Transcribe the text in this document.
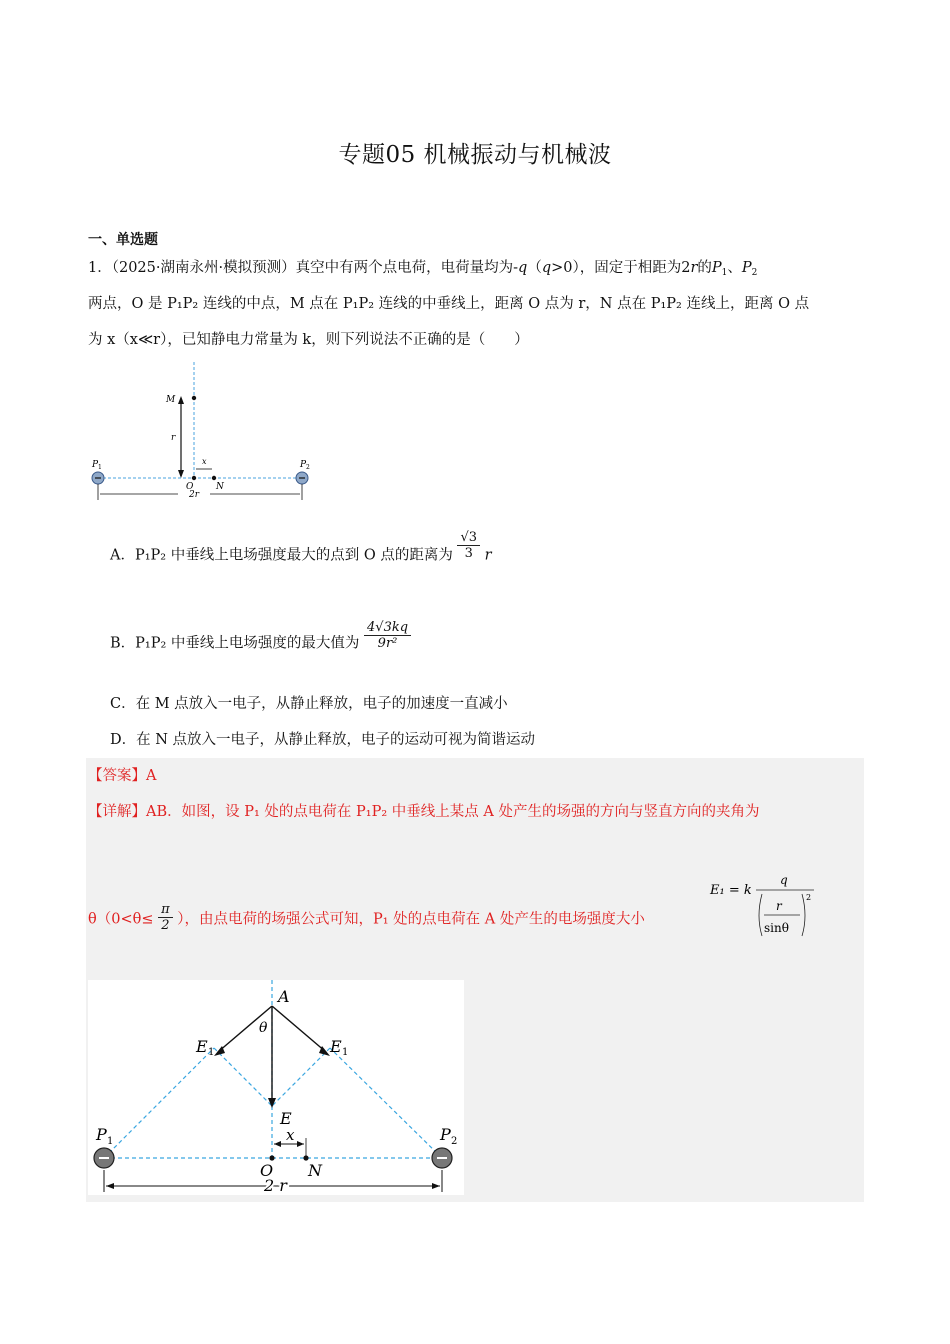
专题05 机械振动与机械波
一、单选题
1．（2025·湖南永州·模拟预测）真空中有两个点电荷，电荷量均为-q（q>0），固定于相距为2r的$P_1$、$P_2$
两点，O 是 P₁P₂ 连线的中点，M 点在 P₁P₂ 连线的中垂线上，距离 O 点为 r，N 点在 P₁P₂ 连线上，距离 O 点
为 x（x≪r），已知静电力常量为 k，则下列说法不正确的是（　　）
M
r
x
O	N
P 1	P 2
2r
A．P₁P₂ 中垂线上电场强度最大的点到 O 点的距离为 $\frac{√3}{3}$ r
B．P₁P₂ 中垂线上电场强度的最大值为 $\frac{4√3kq}{\text{9r²}}$
C．在 M 点放入一电子，从静止释放，电子的加速度一直减小
D．在 N 点放入一电子，从静止释放，电子的运动可视为简谐运动
【答案】A
【详解】AB．如图，设 P₁ 处的点电荷在 P₁P₂ 中垂线上某点 A 处产生的场强的方向与竖直方向的夹角为
$\theta(0<\theta\le \frac{\pi}{2}$ ），由点电荷的场强公式可知，P₁ 处的点电荷在 A 处产生的电场强度大小
E₁ = k
q
r
sinθ
2
A
θ
E 1	E 1
E
x
P 1	P 2
O N
2 r
